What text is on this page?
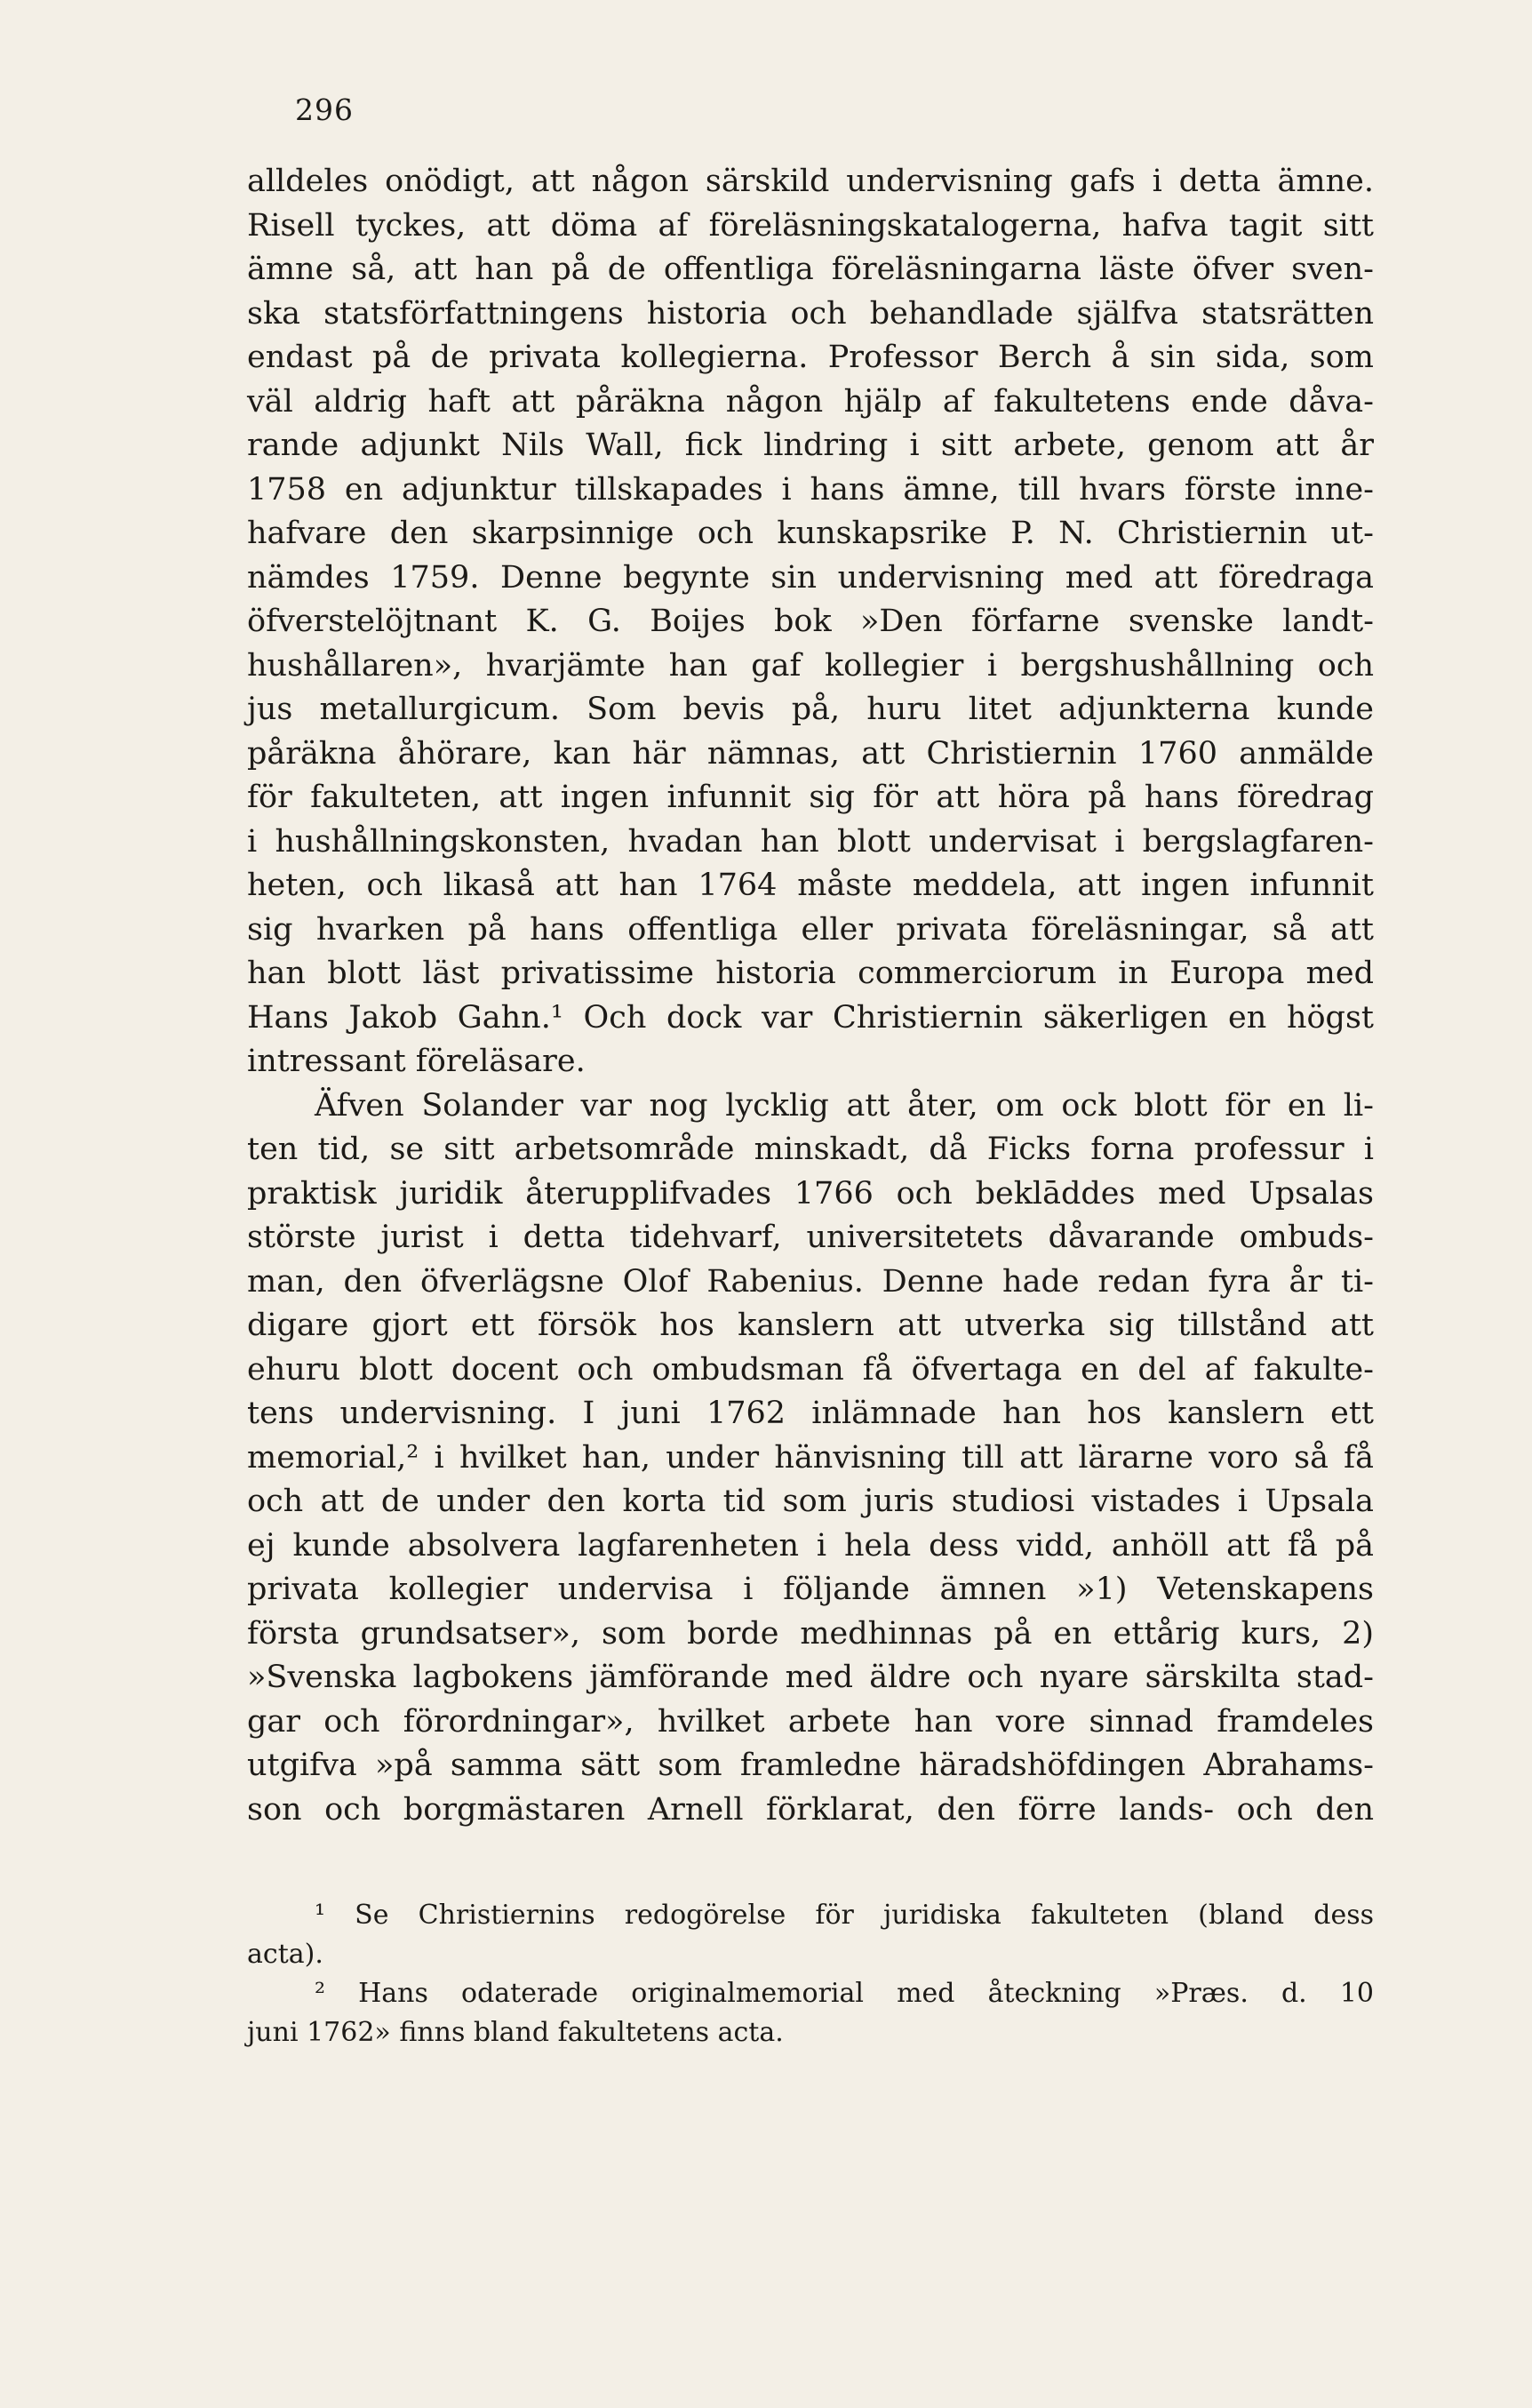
296
alldeles onödigt, att någon särskild undervisning gafs i detta ämne.
Risell tyckes, att döma af föreläsningskatalogerna, hafva tagit sitt
ämne så, att han på de offentliga föreläsningarna läste öfver sven-
ska statsförfattningens historia och behandlade själfva statsrätten
endast på de privata kollegierna. Professor Berch å sin sida, som
väl aldrig haft att påräkna någon hjälp af fakultetens ende dåva-
rande adjunkt Nils Wall, fick lindring i sitt arbete, genom att år
1758 en adjunktur tillskapades i hans ämne, till hvars förste inne-
hafvare den skarpsinnige och kunskapsrike P. N. Christiernin ut-
nämdes 1759. Denne begynte sin undervisning med att föredraga
öfverstelöjtnant K. G. Boijes bok »Den förfarne svenske landt-
hushållaren», hvarjämte han gaf kollegier i bergshushållning och
jus metallurgicum. Som bevis på, huru litet adjunkterna kunde
påräkna åhörare, kan här nämnas, att Christiernin 1760 anmälde
för fakulteten, att ingen infunnit sig för att höra på hans föredrag
i hushållningskonsten, hvadan han blott undervisat i bergslagfaren-
heten, och likaså att han 1764 måste meddela, att ingen infunnit
sig hvarken på hans offentliga eller privata föreläsningar, så att
han blott läst privatissime historia commerciorum in Europa med
Hans Jakob Gahn.¹ Och dock var Christiernin säkerligen en högst
intressant föreläsare.
Äfven Solander var nog lycklig att åter, om ock blott för en li-
ten tid, se sitt arbetsområde minskadt, då Ficks forna professur i
praktisk juridik återupplifvades 1766 och beklāddes med Upsalas
störste jurist i detta tidehvarf, universitetets dåvarande ombuds-
man, den öfverlägsne Olof Rabenius. Denne hade redan fyra år ti-
digare gjort ett försök hos kanslern att utverka sig tillstånd att
ehuru blott docent och ombudsman få öfvertaga en del af fakulte-
tens undervisning. I juni 1762 inlämnade han hos kanslern ett
memorial,² i hvilket han, under hänvisning till att lärarne voro så få
och att de under den korta tid som juris studiosi vistades i Upsala
ej kunde absolvera lagfarenheten i hela dess vidd, anhöll att få på
privata kollegier undervisa i följande ämnen »1) Vetenskapens
första grundsatser», som borde medhinnas på en ettårig kurs, 2)
»Svenska lagbokens jämförande med äldre och nyare särskilta stad-
gar och förordningar», hvilket arbete han vore sinnad framdeles
utgifva »på samma sätt som framledne häradshöfdingen Abrahams-
son och borgmästaren Arnell förklarat, den förre lands- och den
¹ Se Christiernins redogörelse för juridiska fakulteten (bland dess
acta).
² Hans odaterade originalmemorial med åteckning »Præs. d. 10
juni 1762» finns bland fakultetens acta.
